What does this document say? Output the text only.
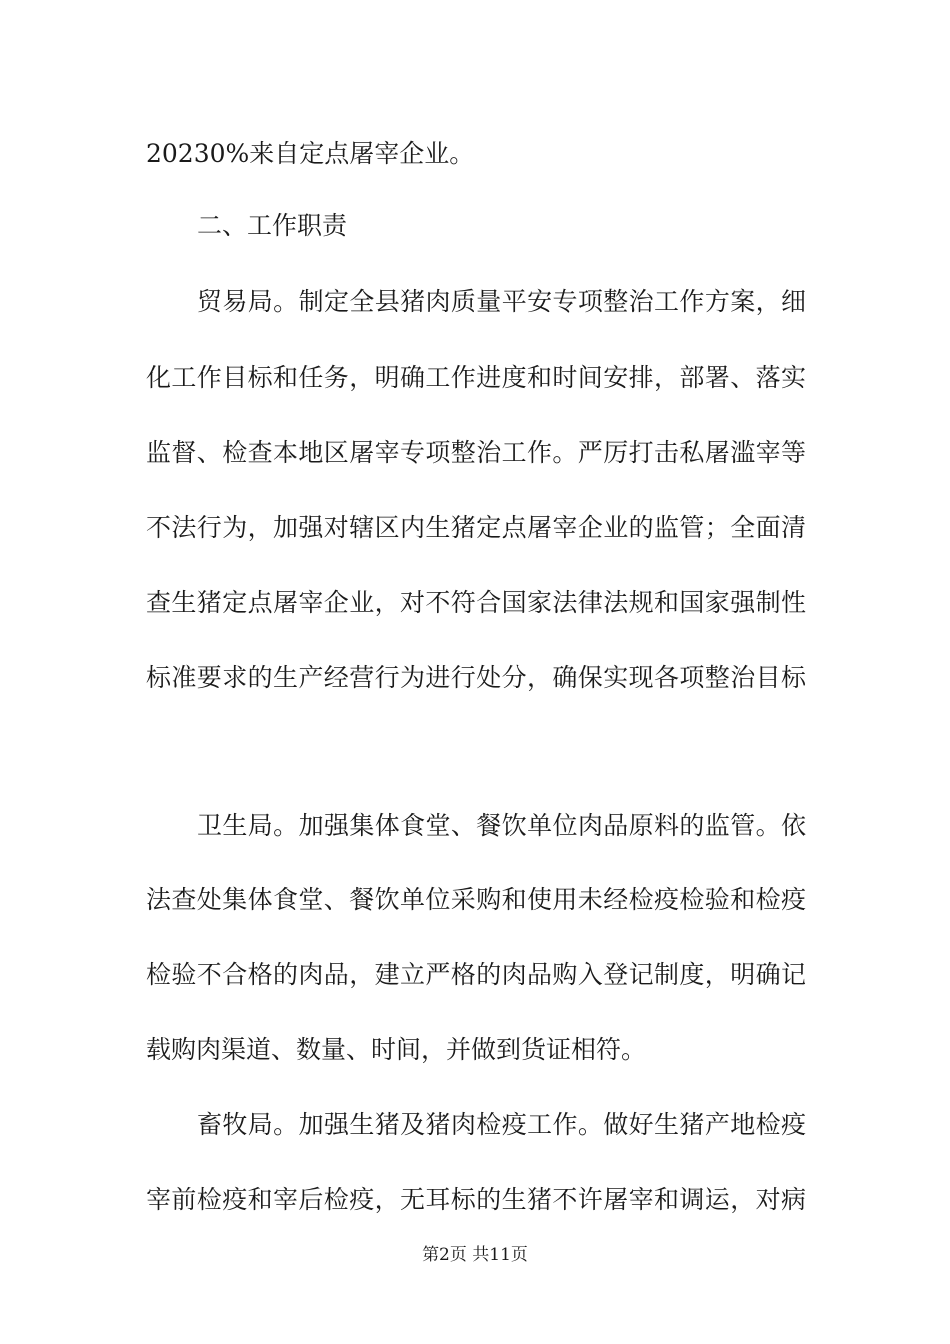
20230%来自定点屠宰企业。

二、工作职责

贸易局。制定全县猪肉质量平安专项整治工作方案，细

化工作目标和任务，明确工作进度和时间安排，部署、落实

监督、检查本地区屠宰专项整治工作。严厉打击私屠滥宰等

不法行为，加强对辖区内生猪定点屠宰企业的监管；全面清

查生猪定点屠宰企业，对不符合国家法律法规和国家强制性

标准要求的生产经营行为进行处分，确保实现各项整治目标

卫生局。加强集体食堂、餐饮单位肉品原料的监管。依

法查处集体食堂、餐饮单位采购和使用未经检疫检验和检疫

检验不合格的肉品，建立严格的肉品购入登记制度，明确记

载购肉渠道、数量、时间，并做到货证相符。

畜牧局。加强生猪及猪肉检疫工作。做好生猪产地检疫

宰前检疫和宰后检疫，无耳标的生猪不许屠宰和调运，对病

第2页 共11页
